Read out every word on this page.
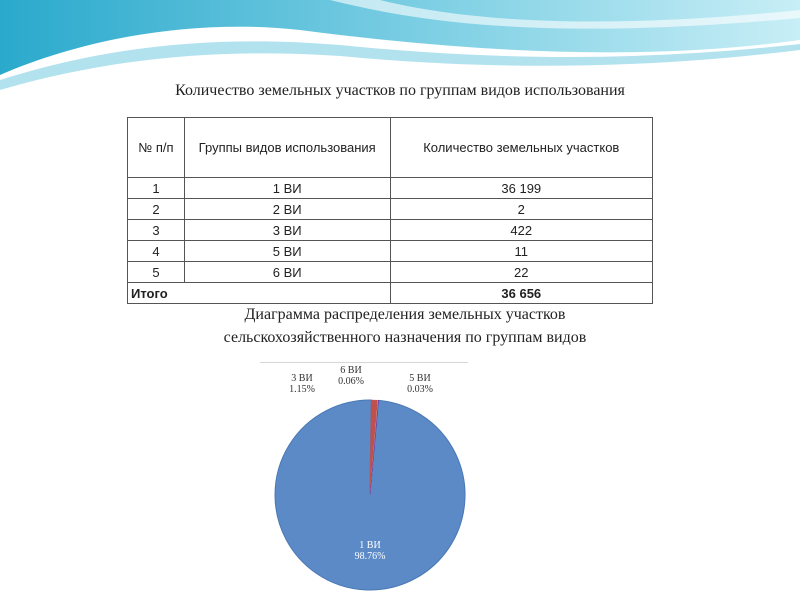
Количество земельных участков по группам видов использования
№ п/п	Группы видов использования	Количество земельных участков
1	1 ВИ	36 199
2	2 ВИ	2
3	3 ВИ	422
4	5 ВИ	11
5	6 ВИ	22
Итого		36 656
Диаграмма распределения земельных участков сельскохозяйственного назначения по группам видов
1 ВИ 98.76%
3 ВИ 1.15%
6 ВИ 0.06%	5 ВИ 0.03%
